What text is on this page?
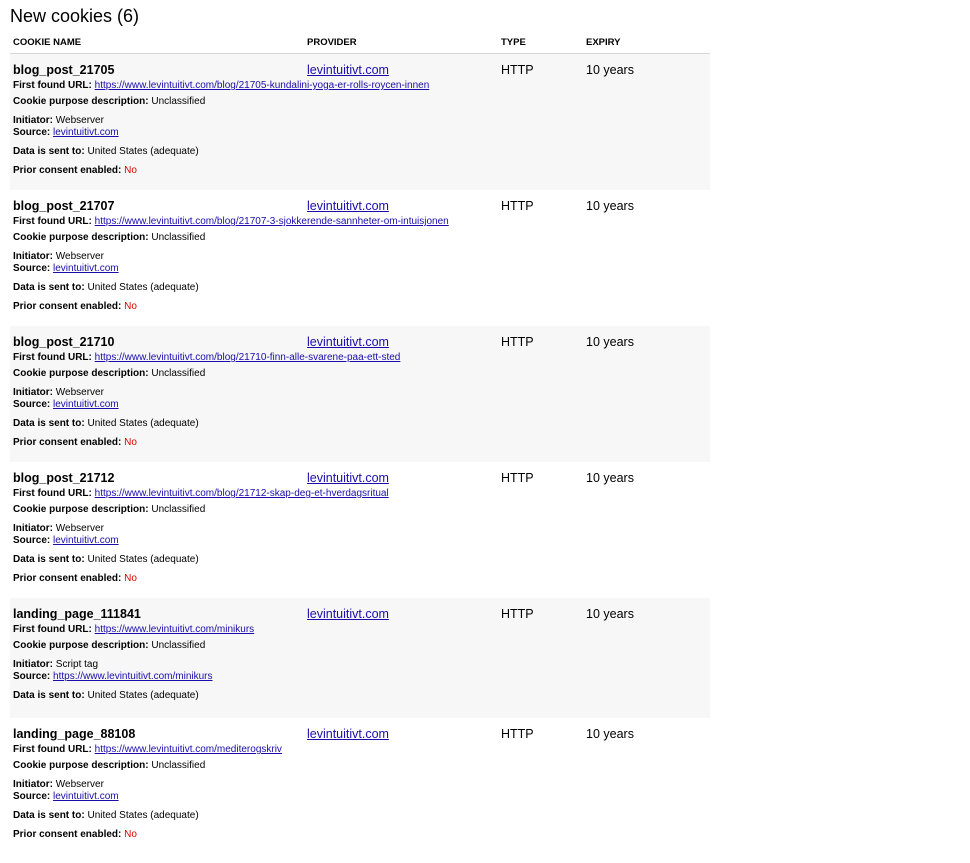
New cookies (6)
COOKIE NAME	PROVIDER	TYPE	EXPIRY
blog_post_21705	levintuitivt.com	HTTP	10 years
First found URL: https://www.levintuitivt.com/blog/21705-kundalini-yoga-er-rolls-roycen-innen
Cookie purpose description: Unclassified
Initiator: Webserver
Source: levintuitivt.com
Data is sent to: United States (adequate)
Prior consent enabled: No
blog_post_21707	levintuitivt.com	HTTP	10 years
First found URL: https://www.levintuitivt.com/blog/21707-3-sjokkerende-sannheter-om-intuisjonen
Cookie purpose description: Unclassified
Initiator: Webserver
Source: levintuitivt.com
Data is sent to: United States (adequate)
Prior consent enabled: No
blog_post_21710	levintuitivt.com	HTTP	10 years
First found URL: https://www.levintuitivt.com/blog/21710-finn-alle-svarene-paa-ett-sted
Cookie purpose description: Unclassified
Initiator: Webserver
Source: levintuitivt.com
Data is sent to: United States (adequate)
Prior consent enabled: No
blog_post_21712	levintuitivt.com	HTTP	10 years
First found URL: https://www.levintuitivt.com/blog/21712-skap-deg-et-hverdagsritual
Cookie purpose description: Unclassified
Initiator: Webserver
Source: levintuitivt.com
Data is sent to: United States (adequate)
Prior consent enabled: No
landing_page_111841	levintuitivt.com	HTTP	10 years
First found URL: https://www.levintuitivt.com/minikurs
Cookie purpose description: Unclassified
Initiator: Script tag
Source: https://www.levintuitivt.com/minikurs
Data is sent to: United States (adequate)
landing_page_88108	levintuitivt.com	HTTP	10 years
First found URL: https://www.levintuitivt.com/mediterogskriv
Cookie purpose description: Unclassified
Initiator: Webserver
Source: levintuitivt.com
Data is sent to: United States (adequate)
Prior consent enabled: No
